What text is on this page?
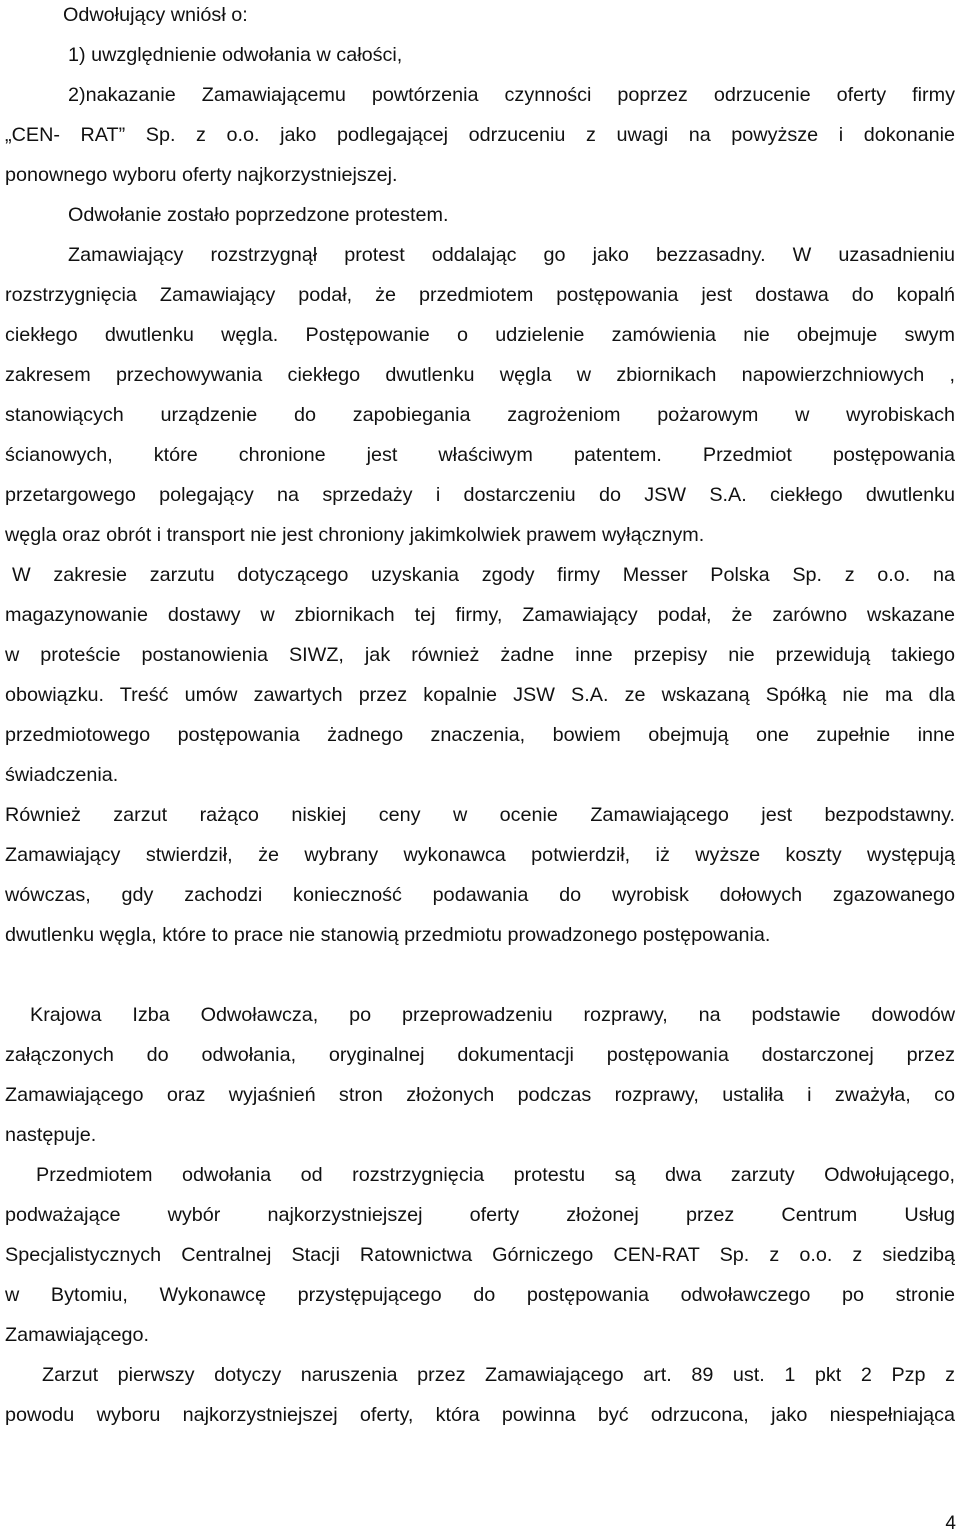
Odwołujący wniósł o:
1) uwzględnienie odwołania w całości,
2)nakazanie Zamawiającemu powtórzenia czynności poprzez odrzucenie oferty firmy
„CEN- RAT” Sp. z o.o. jako podlegającej odrzuceniu z uwagi na powyższe i dokonanie
ponownego wyboru oferty najkorzystniejszej.
Odwołanie zostało poprzedzone protestem.
Zamawiający rozstrzygnął protest oddalając go jako bezzasadny. W uzasadnieniu
rozstrzygnięcia Zamawiający podał, że przedmiotem postępowania jest dostawa do kopalń
ciekłego dwutlenku węgla. Postępowanie o udzielenie zamówienia nie obejmuje swym
zakresem przechowywania ciekłego dwutlenku węgla w zbiornikach napowierzchniowych ,
stanowiących urządzenie do zapobiegania zagrożeniom pożarowym w wyrobiskach
ścianowych, które chronione jest właściwym patentem. Przedmiot postępowania
przetargowego polegający na sprzedaży i dostarczeniu do JSW S.A. ciekłego dwutlenku
węgla oraz obrót i transport nie jest chroniony jakimkolwiek prawem wyłącznym.
W zakresie zarzutu dotyczącego uzyskania zgody firmy Messer Polska Sp. z o.o. na
magazynowanie dostawy w zbiornikach tej firmy, Zamawiający podał, że zarówno wskazane
w proteście postanowienia SIWZ, jak również żadne inne przepisy nie przewidują takiego
obowiązku. Treść umów zawartych przez kopalnie JSW S.A. ze wskazaną Spółką nie ma dla
przedmiotowego postępowania żadnego znaczenia, bowiem obejmują one zupełnie inne
świadczenia.
Również zarzut rażąco niskiej ceny w ocenie Zamawiającego jest bezpodstawny.
Zamawiający stwierdził, że wybrany wykonawca potwierdził, iż wyższe koszty występują
wówczas, gdy zachodzi konieczność podawania do wyrobisk dołowych zgazowanego
dwutlenku węgla, które to prace nie stanowią przedmiotu prowadzonego postępowania.
Krajowa Izba Odwoławcza, po przeprowadzeniu rozprawy, na podstawie dowodów
załączonych do odwołania, oryginalnej dokumentacji postępowania dostarczonej przez
Zamawiającego oraz wyjaśnień stron złożonych podczas rozprawy, ustaliła i zważyła, co
następuje.
Przedmiotem odwołania od rozstrzygnięcia protestu są dwa zarzuty Odwołującego,
podważające wybór najkorzystniejszej oferty złożonej przez Centrum Usług
Specjalistycznych Centralnej Stacji Ratownictwa Górniczego CEN-RAT Sp. z o.o. z siedzibą
w Bytomiu, Wykonawcę przystępującego do postępowania odwoławczego po stronie
Zamawiającego.
Zarzut pierwszy dotyczy naruszenia przez Zamawiającego art. 89 ust. 1 pkt 2 Pzp z
powodu wyboru najkorzystniejszej oferty, która powinna być odrzucona, jako niespełniająca
4
